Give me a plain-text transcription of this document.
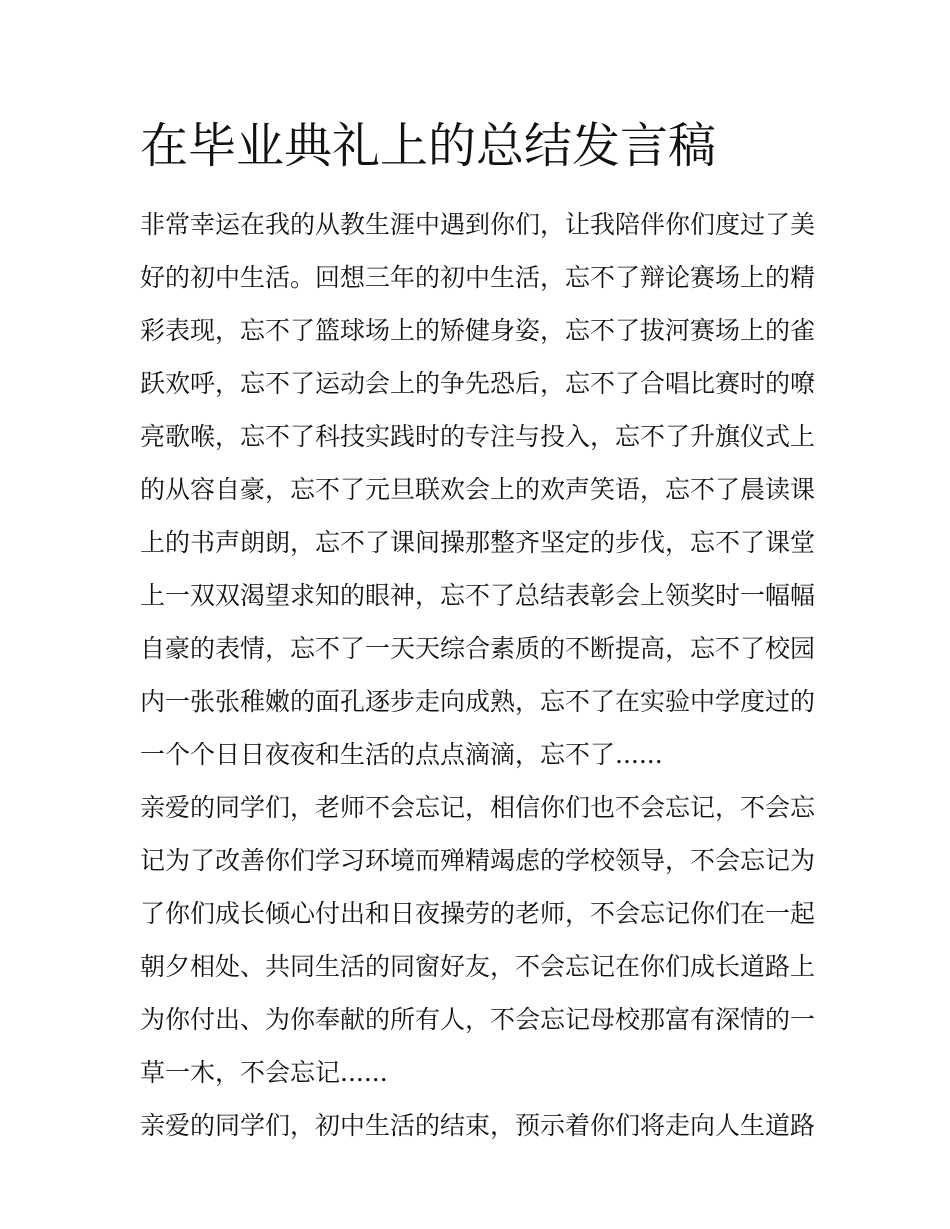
在毕业典礼上的总结发言稿

非常幸运在我的从教生涯中遇到你们，让我陪伴你们度过了美
好的初中生活。回想三年的初中生活，忘不了辩论赛场上的精
彩表现，忘不了篮球场上的矫健身姿，忘不了拔河赛场上的雀
跃欢呼，忘不了运动会上的争先恐后，忘不了合唱比赛时的嘹
亮歌喉，忘不了科技实践时的专注与投入，忘不了升旗仪式上
的从容自豪，忘不了元旦联欢会上的欢声笑语，忘不了晨读课
上的书声朗朗，忘不了课间操那整齐坚定的步伐，忘不了课堂
上一双双渴望求知的眼神，忘不了总结表彰会上领奖时一幅幅
自豪的表情，忘不了一天天综合素质的不断提高，忘不了校园
内一张张稚嫩的面孔逐步走向成熟，忘不了在实验中学度过的
一个个日日夜夜和生活的点点滴滴，忘不了......

亲爱的同学们，老师不会忘记，相信你们也不会忘记，不会忘
记为了改善你们学习环境而殚精竭虑的学校领导，不会忘记为
了你们成长倾心付出和日夜操劳的老师，不会忘记你们在一起
朝夕相处、共同生活的同窗好友，不会忘记在你们成长道路上
为你付出、为你奉献的所有人，不会忘记母校那富有深情的一
草一木，不会忘记......

亲爱的同学们，初中生活的结束，预示着你们将走向人生道路
